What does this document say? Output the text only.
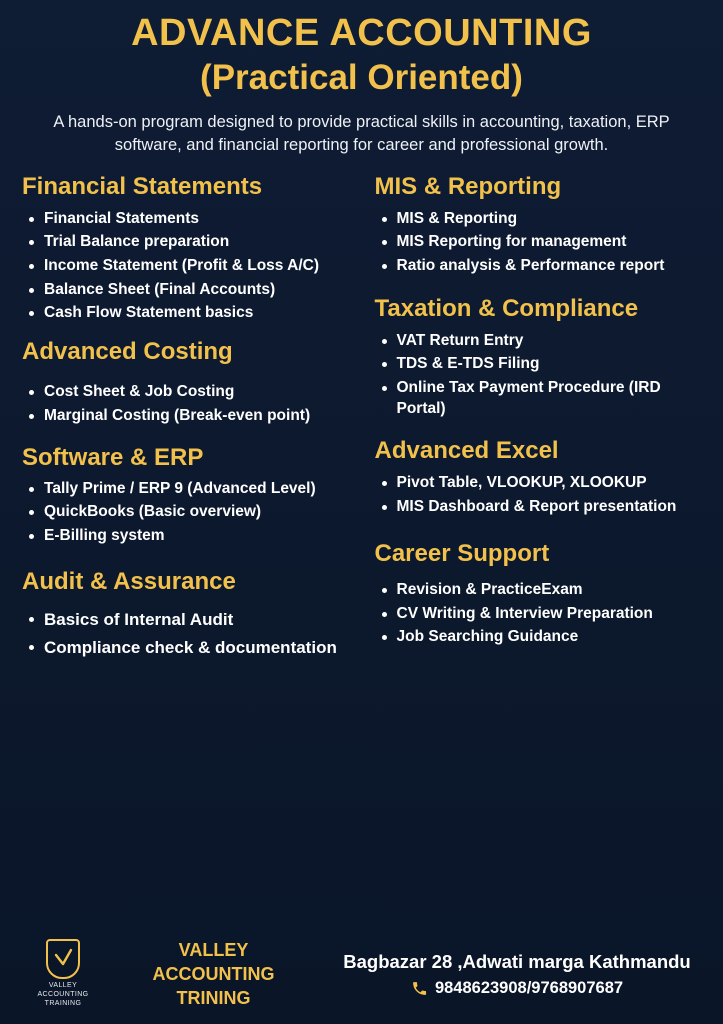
ADVANCE ACCOUNTING
(Practical Oriented)
A hands-on program designed to provide practical skills in accounting, taxation, ERP software, and financial reporting for career and professional growth.
Financial Statements
Financial Statements
Trial Balance preparation
Income Statement (Profit & Loss A/C)
Balance Sheet (Final Accounts)
Cash Flow Statement basics
Advanced Costing
Cost Sheet & Job Costing
Marginal Costing (Break-even point)
Software & ERP
Tally Prime / ERP 9 (Advanced Level)
QuickBooks (Basic overview)
E-Billing system
Audit & Assurance
Basics of Internal Audit
Compliance check & documentation
MIS & Reporting
MIS & Reporting
MIS Reporting for management
Ratio analysis & Performance report
Taxation & Compliance
VAT Return Entry
TDS & E-TDS Filing
Online Tax Payment Procedure (IRD Portal)
Advanced Excel
Pivot Table, VLOOKUP, XLOOKUP
MIS Dashboard & Report presentation
Career Support
Revision & PracticeExam
CV Writing & Interview Preparation
Job Searching Guidance
VALLEY
ACCOUNTING
TRAINING
VALLEY
ACCOUNTING
TRINING
Bagbazar 28 ,Adwati marga Kathmandu
9848623908/9768907687
